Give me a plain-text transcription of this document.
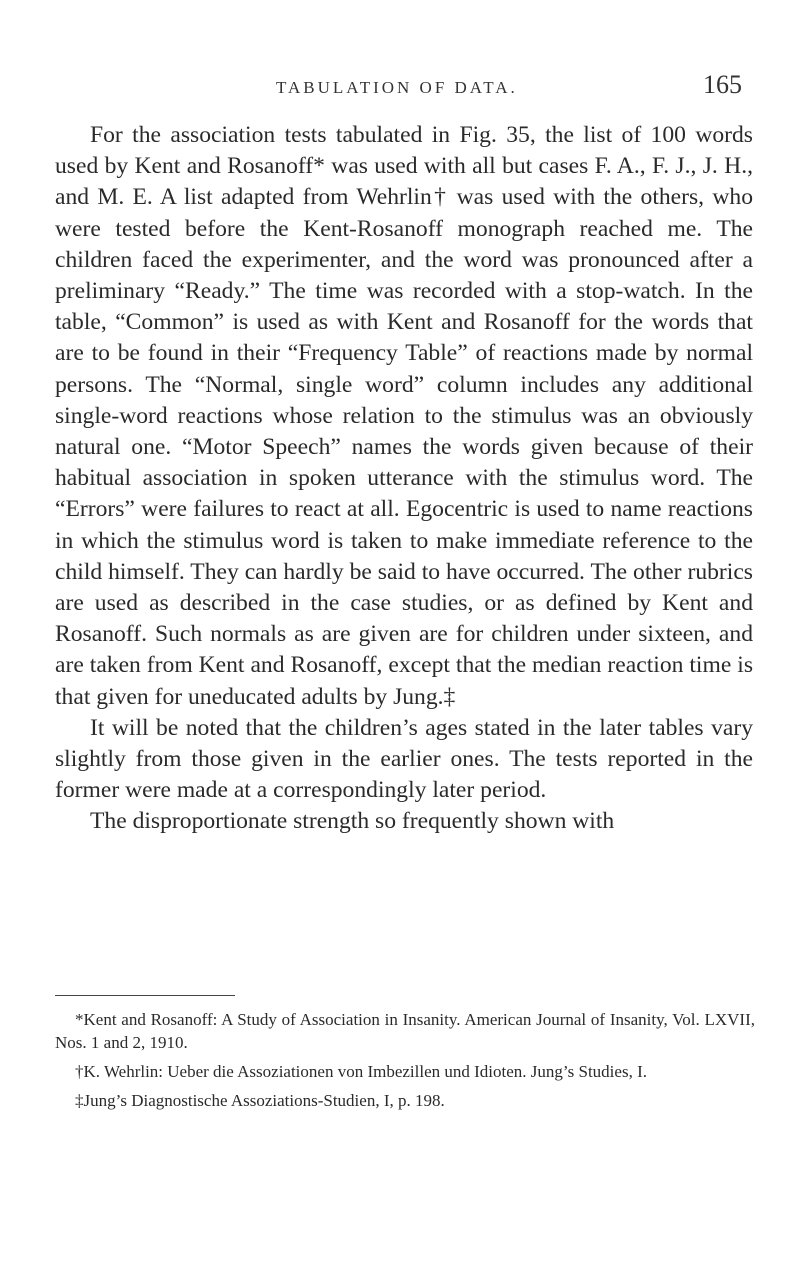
TABULATION OF DATA.	165

For the association tests tabulated in Fig. 35, the list of 100 words used by Kent and Rosanoff* was used with all but cases F. A., F. J., J. H., and M. E. A list adapted from Wehrlin† was used with the others, who were tested before the Kent-Rosanoff monograph reached me. The children faced the experimenter, and the word was pronounced after a preliminary “Ready.” The time was recorded with a stop-watch. In the table, “Common” is used as with Kent and Rosanoff for the words that are to be found in their “Frequency Table” of reactions made by normal persons. The “Normal, single word” column includes any additional single-word reactions whose relation to the stimulus was an obviously natural one. “Motor Speech” names the words given because of their habitual association in spoken utterance with the stimulus word. The “Errors” were failures to react at all. Egocentric is used to name reactions in which the stimulus word is taken to make immediate reference to the child himself. They can hardly be said to have occurred. The other rubrics are used as described in the case studies, or as defined by Kent and Rosanoff. Such normals as are given are for children under sixteen, and are taken from Kent and Rosanoff, except that the median reaction time is that given for uneducated adults by Jung.‡

It will be noted that the children’s ages stated in the later tables vary slightly from those given in the earlier ones. The tests reported in the former were made at a correspondingly later period.

The disproportionate strength so frequently shown with

*Kent and Rosanoff: A Study of Association in Insanity. American Journal of Insanity, Vol. LXVII, Nos. 1 and 2, 1910.

†K. Wehrlin: Ueber die Assoziationen von Imbezillen und Idioten. Jung’s Studies, I.

‡Jung’s Diagnostische Assoziations-Studien, I, p. 198.
